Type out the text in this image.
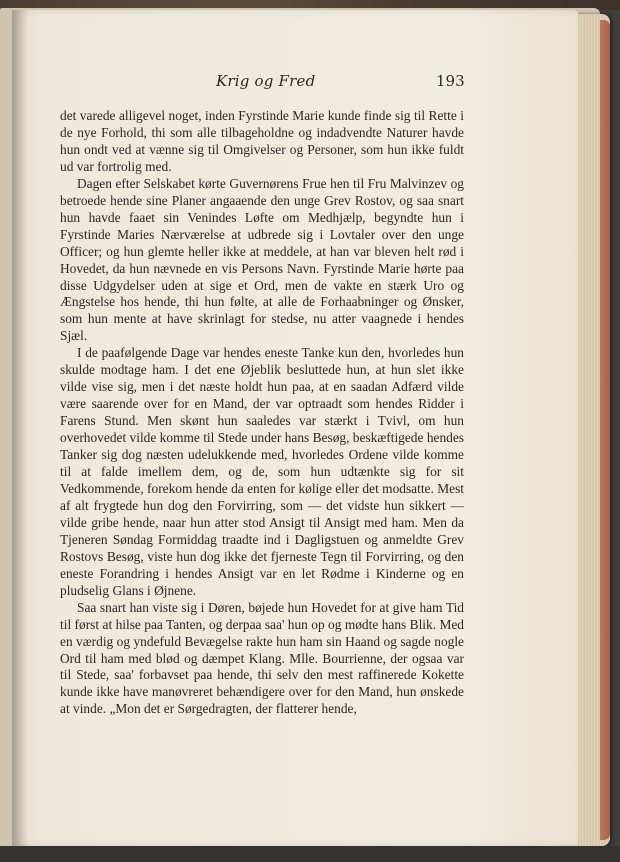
Krig og Fred	193

det varede alligevel noget, inden Fyrstinde Marie kunde finde sig til Rette i de nye Forhold, thi som alle tilbageholdne og indadvendte Naturer havde hun ondt ved at vænne sig til Omgivelser og Personer, som hun ikke fuldt ud var fortrolig med.

Dagen efter Selskabet kørte Guvernørens Frue hen til Fru Malvinzev og betroede hende sine Planer angaaende den unge Grev Rostov, og saa snart hun havde faaet sin Venindes Løfte om Medhjælp, begyndte hun i Fyrstinde Maries Nærværelse at udbrede sig i Lovtaler over den unge Officer; og hun glemte heller ikke at meddele, at han var bleven helt rød i Hovedet, da hun nævnede en vis Persons Navn. Fyrstinde Marie hørte paa disse Udgydelser uden at sige et Ord, men de vakte en stærk Uro og Ængstelse hos hende, thi hun følte, at alle de Forhaabninger og Ønsker, som hun mente at have skrinlagt for stedse, nu atter vaagnede i hendes Sjæl.

I de paafølgende Dage var hendes eneste Tanke kun den, hvorledes hun skulde modtage ham. I det ene Øjeblik besluttede hun, at hun slet ikke vilde vise sig, men i det næste holdt hun paa, at en saadan Adfærd vilde være saarende over for en Mand, der var optraadt som hendes Ridder i Farens Stund. Men skønt hun saaledes var stærkt i Tvivl, om hun overhovedet vilde komme til Stede under hans Besøg, beskæftigede hendes Tanker sig dog næsten udelukkende med, hvorledes Ordene vilde komme til at falde imellem dem, og de, som hun udtænkte sig for sit Vedkommende, forekom hende da enten for kølige eller det modsatte. Mest af alt frygtede hun dog den Forvirring, som — det vidste hun sikkert — vilde gribe hende, naar hun atter stod Ansigt til Ansigt med ham. Men da Tjeneren Søndag Formiddag traadte ind i Dagligstuen og anmeldte Grev Rostovs Besøg, viste hun dog ikke det fjerneste Tegn til Forvirring, og den eneste Forandring i hendes Ansigt var en let Rødme i Kinderne og en pludselig Glans i Øjnene.

Saa snart han viste sig i Døren, bøjede hun Hovedet for at give ham Tid til først at hilse paa Tanten, og derpaa saa' hun op og mødte hans Blik. Med en værdig og yndefuld Bevægelse rakte hun ham sin Haand og sagde nogle Ord til ham med blød og dæmpet Klang. Mlle. Bourrienne, der ogsaa var til Stede, saa' forbavset paa hende, thi selv den mest raffinerede Kokette kunde ikke have manøvreret behændigere over for den Mand, hun ønskede at vinde. „Mon det er Sørgedragten, der flatterer hende,
